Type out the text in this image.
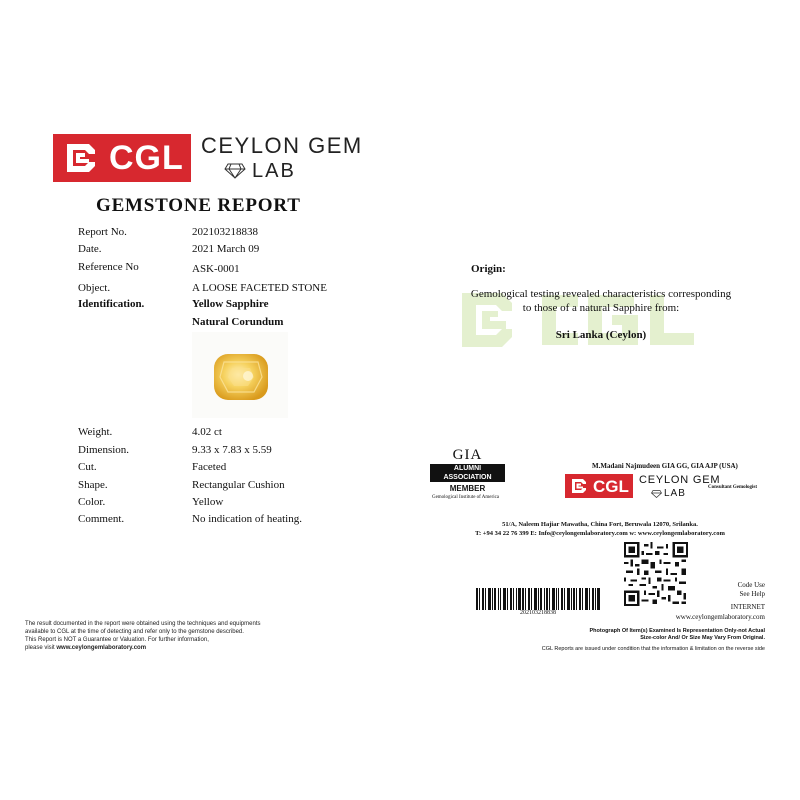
CGL CEYLON GEM
LAB
GEMSTONE REPORT
Report No.	202103218838
Date.	2021 March 09
Reference No	ASK-0001
Object.	A LOOSE FACETED STONE
Identification.	Yellow Sapphire
Natural Corundum
Weight.	4.02 ct
Dimension.	9.33 x 7.83 x 5.59
Cut.	Faceted
Shape.	Rectangular Cushion
Color.	Yellow
Comment.	No indication of heating.
Origin:
Gemological testing revealed characteristics corresponding
to those of a natural Sapphire from:
Sri Lanka (Ceylon)
GIA
ALUMNI ASSOCIATION
MEMBER
Gemological Institute of America
M.Madani Najmudeen GIA GG, GIA AJP (USA)
CGL CEYLON GEM
LAB
Consultant Gemologist
51/A, Naleem Hajiar Mawatha, China Fort, Beruwala 12070, Srilanka.
T: +94 34 22 76 399 E: Info@ceylongemlaboratory.com w: www.ceylongemlaboratory.com
Code Use
See Help
INTERNET
www.ceylongemlaboratory.com
202103218838
Photograph Of Item(s) Examined Is Representation Only-not Actual
Size-color And/ Or Size May Vary From Original.
CGL Reports are issued under condition that the information & limitation on the reverse side
The result documented in the report were obtained using the techniques and equipments
available to CGL at the time of detecting and refer only to the gemstone described.
This Report is NOT a Guarantee or Valuation. For further information,
please visit www.ceylongemlaboratory.com
